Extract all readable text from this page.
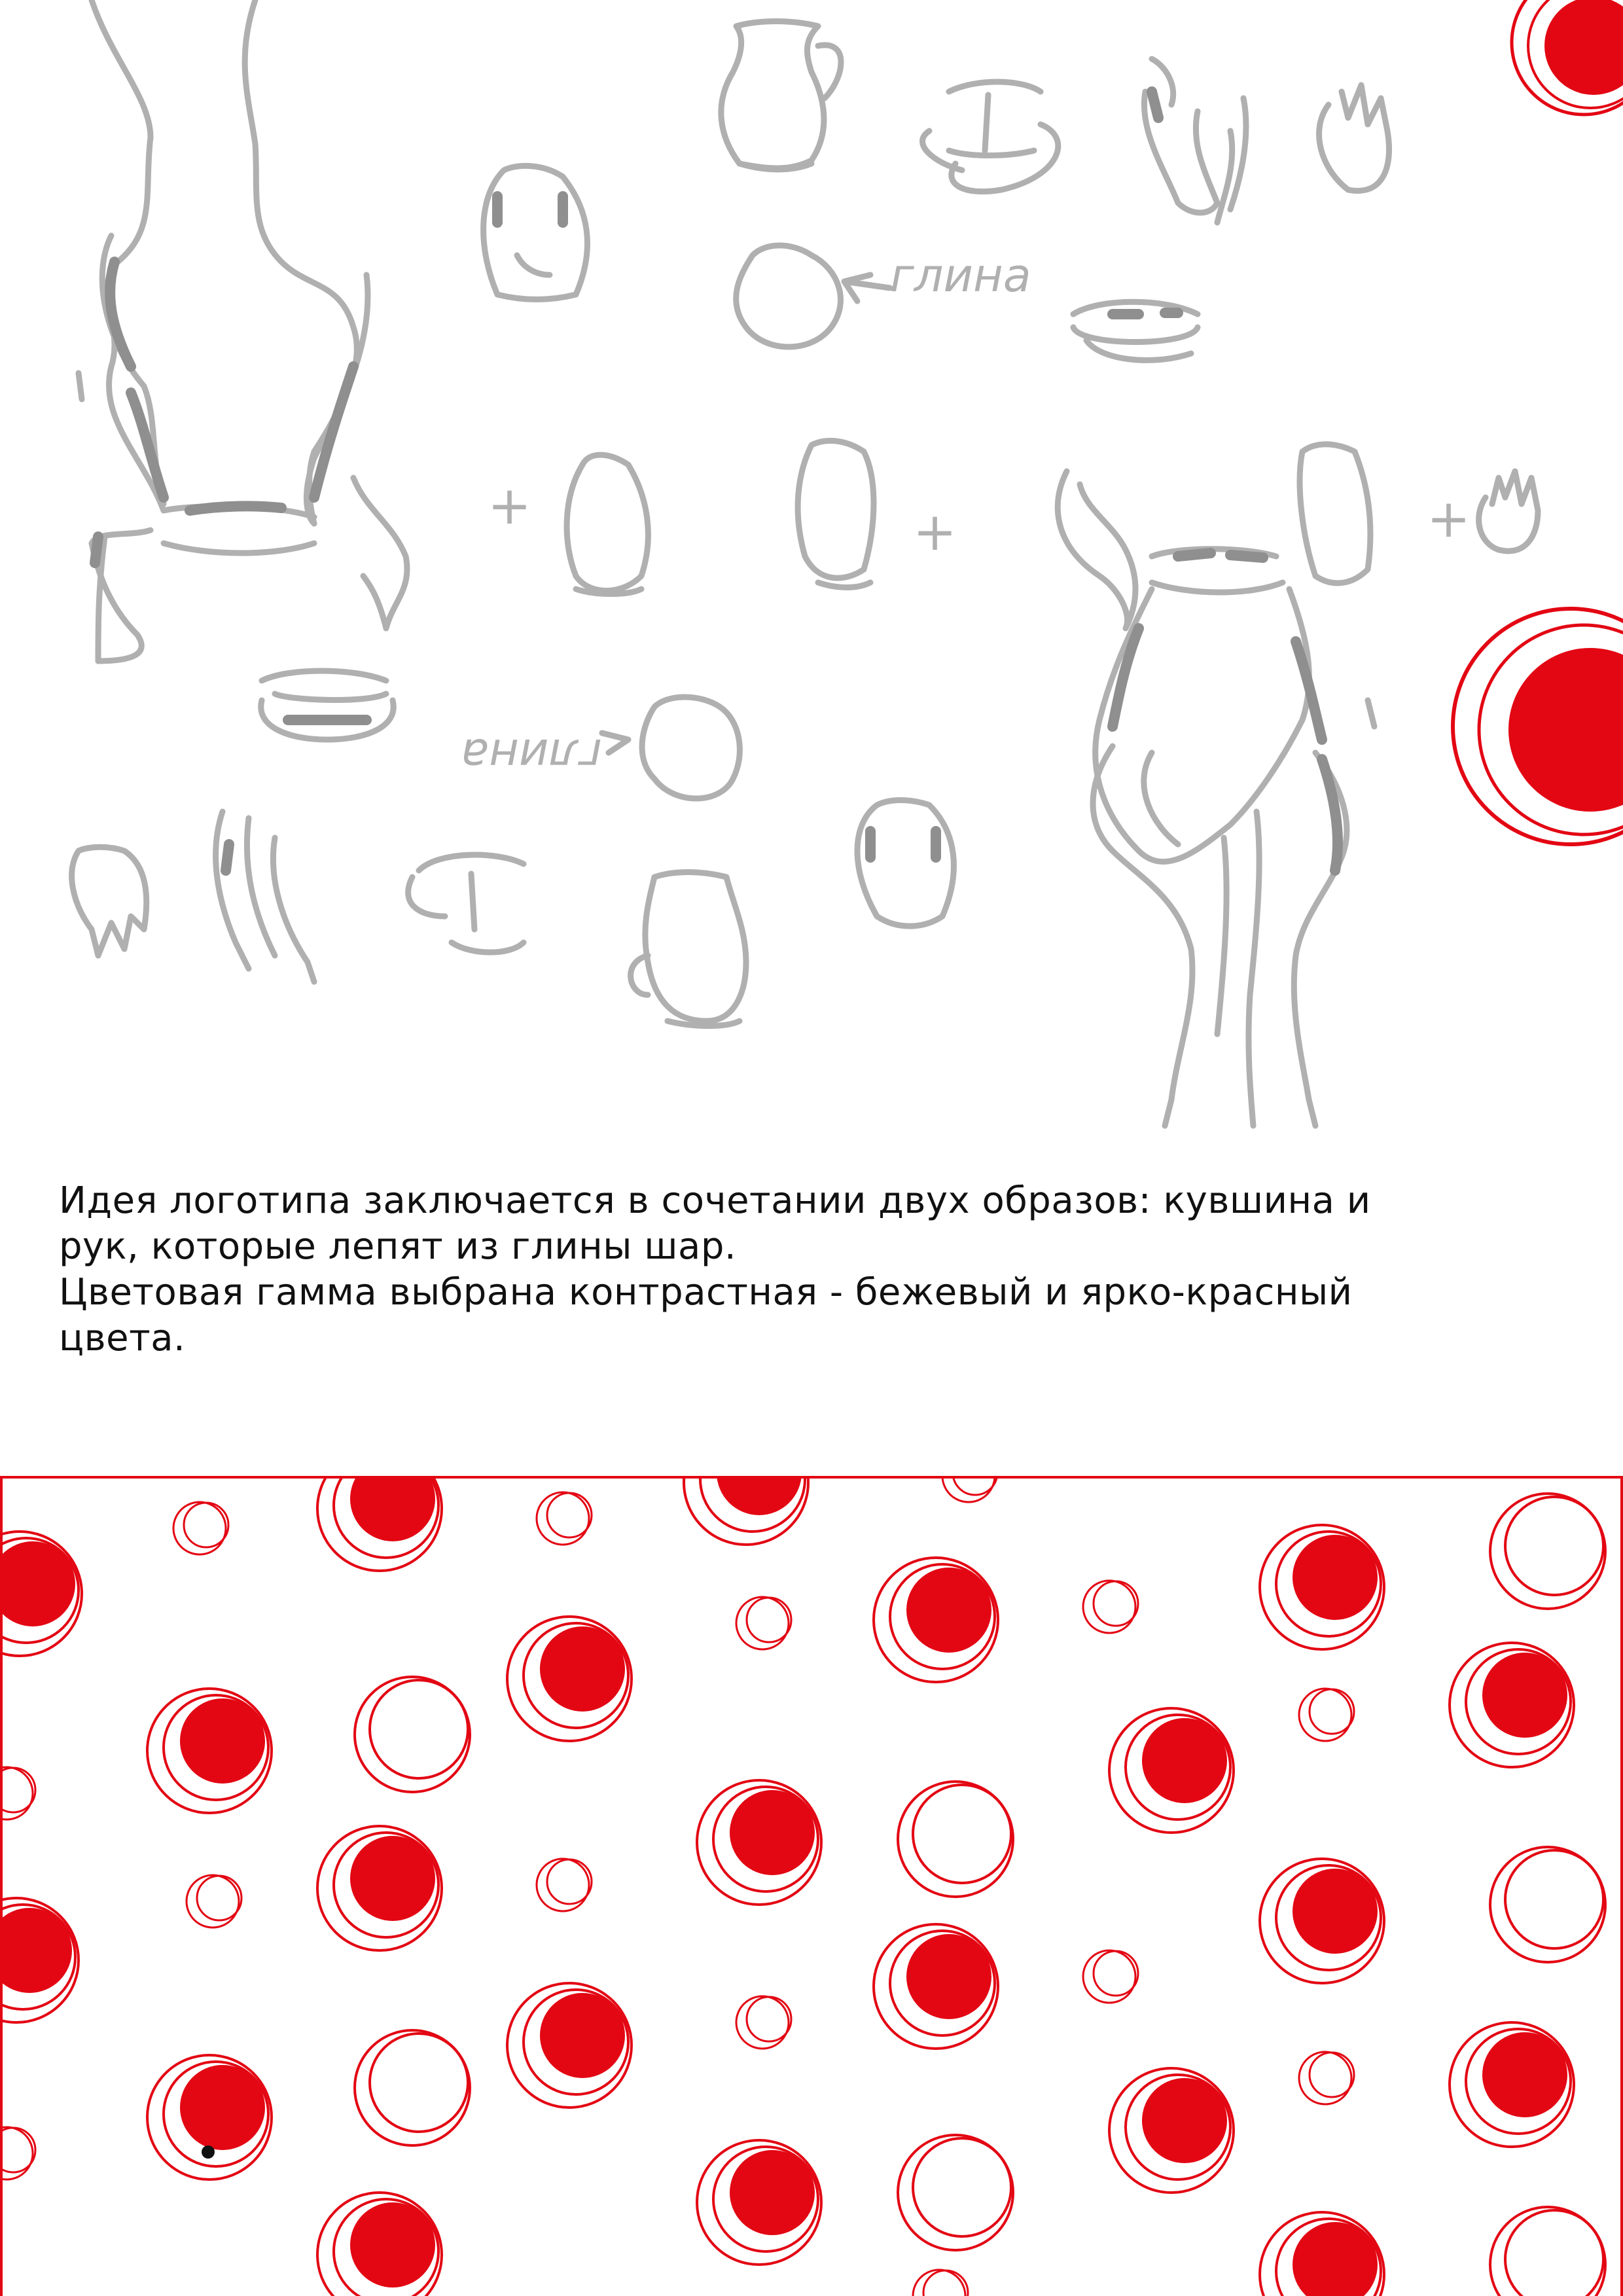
глина
+	+	+
глина

Идея логотипа заключается в сочетании двух образов: кувшина и

рук, которые лепят из глины шар.

Цветовая гамма выбрана контрастная - бежевый и ярко-красный

цвета.
